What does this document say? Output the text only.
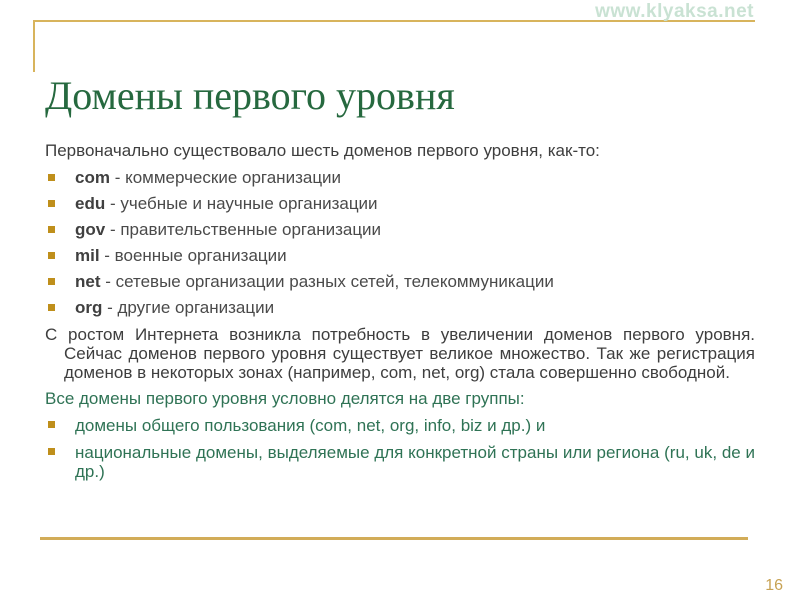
www.klyaksa.net
Домены первого уровня

Первоначально существовало шесть доменов первого уровня, как-то:

com - коммерческие организации
edu - учебные и научные организации
gov - правительственные организации
mil - военные организации
net - сетевые организации разных сетей, телекоммуникации
org - другие организации

С ростом Интернета возникла потребность в увеличении доменов первого уровня. Сейчас доменов первого уровня существует великое множество. Так же регистрация доменов в некоторых зонах (например, com, net, org) стала совершенно свободной.

Все домены первого уровня условно делятся на две группы:

домены общего пользования (com, net, org, info, biz и др.) и
национальные домены, выделяемые для конкретной страны или региона (ru, uk, de и др.)
16
